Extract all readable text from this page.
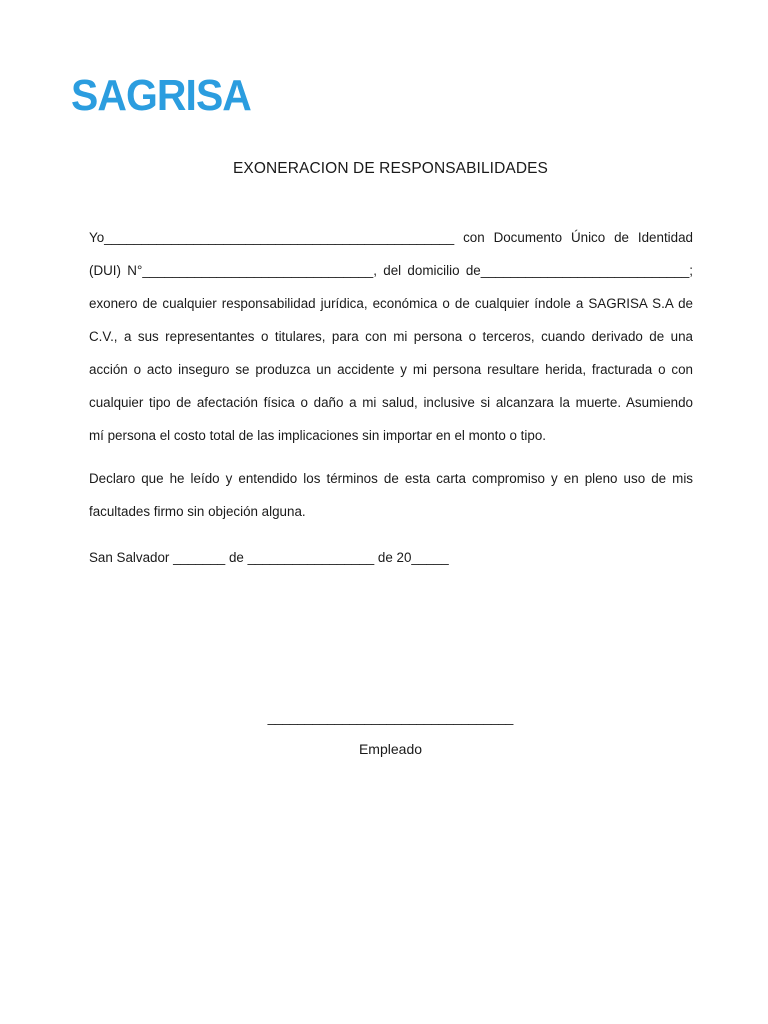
SAGRISA
EXONERACION DE RESPONSABILIDADES
Yo_______________________________________________ con Documento Único de Identidad
(DUI) N°_______________________________, del domicilio de____________________________;
exonero de cualquier responsabilidad jurídica, económica o de cualquier índole a SAGRISA S.A de
C.V., a sus representantes o titulares, para con mi persona o terceros, cuando derivado de una
acción o acto inseguro se produzca un accidente y mi persona resultare herida, fracturada o con
cualquier tipo de afectación física o daño a mi salud, inclusive si alcanzara la muerte. Asumiendo
mí persona el costo total de las implicaciones sin importar en el monto o tipo.
Declaro que he leído y entendido los términos de esta carta compromiso y en pleno uso de mis
facultades firmo sin objeción alguna.
San Salvador _______ de _________________ de 20_____
_________________________________
Empleado
